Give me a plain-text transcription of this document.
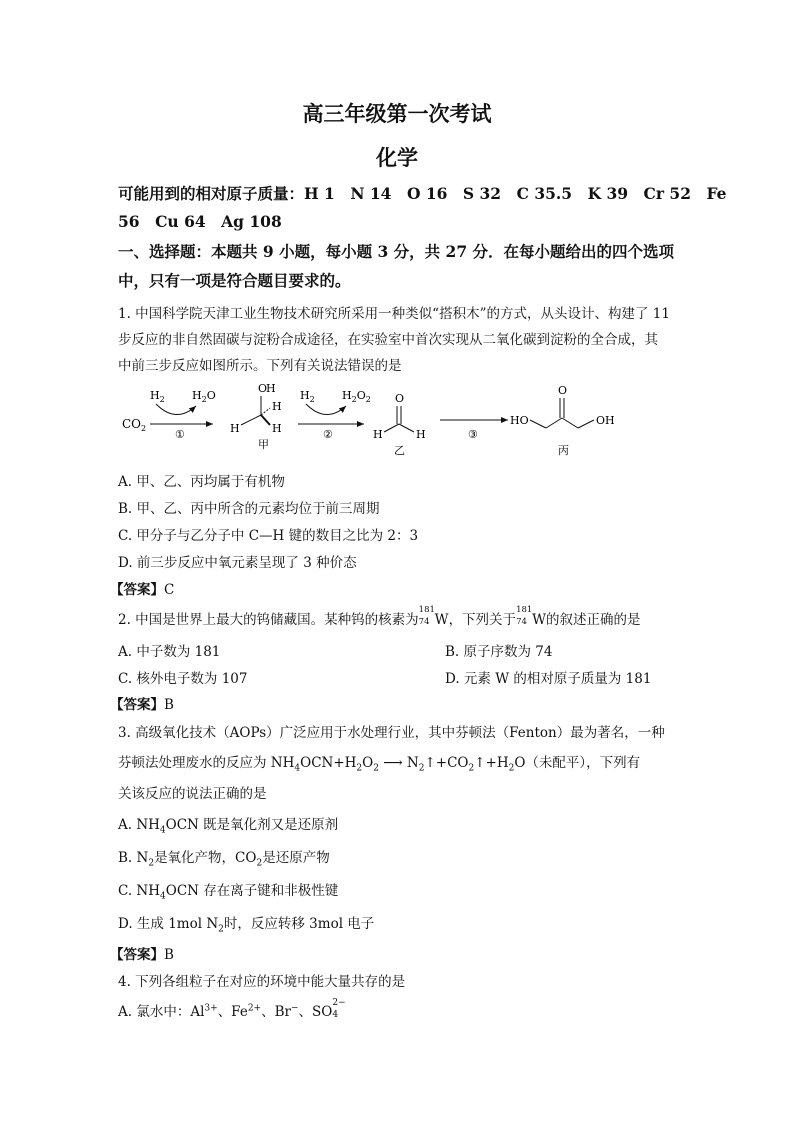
高三年级第一次考试
化学
可能用到的相对原子质量：H 1　N 14　O 16　S 32　C 35.5　K 39　Cr 52　Fe
56　Cu 64　Ag 108
一、选择题：本题共 9 小题，每小题 3 分，共 27 分．在每小题给出的四个选项
中，只有一项是符合题目要求的。
1. 中国科学院天津工业生物技术研究所采用一种类似“搭积木”的方式，从头设计、构建了 11
步反应的非自然固碳与淀粉合成途径，在实验室中首次实现从二氧化碳到淀粉的全合成，其
中前三步反应如图所示。下列有关说法错误的是
$CO_2$
$H_2$ $H_2O$
①
O
H
H
H	H
甲
$H_2$ $H_2O_2$
②
O
H	H
乙
③
HO
O
OH
丙
A. 甲、乙、丙均属于有机物
B. 甲、乙、丙中所含的元素均位于前三周期
C. 甲分子与乙分子中 C—H 键的数目之比为 2：3
D. 前三步反应中氧元素呈现了 3 种价态
【答案】C
2. 中国是世界上最大的钨储藏国。某种钨的核素为
181
74 W，下列关于
181
74 W的叙述正确的是
A. 中子数为 181	B. 原子序数为 74
C. 核外电子数为 107	D. 元素 W 的相对原子质量为 181
【答案】B
3. 高级氧化技术（AOPs）广泛应用于水处理行业，其中芬顿法（Fenton）最为著名，一种
芬顿法处理废水的反应为 $NH_4OCN+H_2O_2$ ⟶ $N_2↑+CO_2↑+H_2O$（未配平），下列有
关该反应的说法正确的是
A. $NH_4OCN$ 既是氧化剂又是还原剂
B. $N_2$是氧化产物，$CO_2$是还原产物
C. $NH_4OCN$ 存在离子键和非极性键
D. 生成 1mol $N_2$时，反应转移 3mol 电子
【答案】B
4. 下列各组粒子在对应的环境中能大量共存的是
A. 氯水中：$Al^{3+}$、$Fe^{2+}$、Br−、SO
2−
4
